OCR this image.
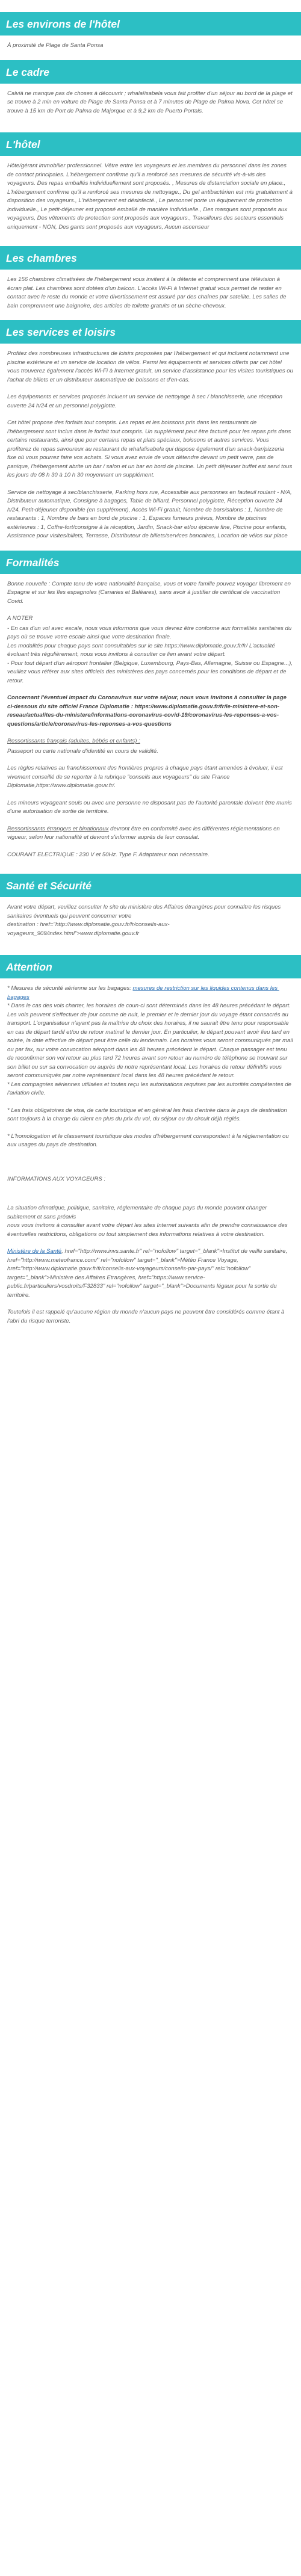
Les environs de l'hôtel

À proximité de Plage de Santa Ponsa

Le cadre

Calvià ne manque pas de choses à découvrir ; whala!isabela vous fait profiter d'un séjour au bord de la plage et se trouve à 2 min en voiture de Plage de Santa Ponsa et à 7 minutes de Plage de Palma Nova. Cet hôtel se trouve à 15 km de Port de Palma de Majorque et à 9,2 km de Puerto Portals.

L'hôtel

Hôte/gérant immobilier professionnel. Vêtre entre les voyageurs et les membres du personnel dans les zones de contact principales. L'hébergement confirme qu'il a renforcé ses mesures de sécurité vis-à-vis des voyageurs. Des repas emballés individuellement sont proposés. , Mesures de distanciation sociale en place., L'hébergement confirme qu'il a renforcé ses mesures de nettoyage., Du gel antibactérien est mis gratuitement à disposition des voyageurs., L'hébergement est désinfecté., Le personnel porte un équipement de protection individuelle., Le petit-déjeuner est proposé emballé de manière individuelle., Des masques sont proposés aux voyageurs, Des vêtements de protection sont proposés aux voyageurs., Travailleurs des secteurs essentiels uniquement - NON, Des gants sont proposés aux voyageurs, Aucun ascenseur

Les chambres

Les 156 chambres climatisées de l'hébergement vous invitent à la détente et comprennent une télévision à écran plat. Les chambres sont dotées d'un balcon. L'accès Wi-Fi à Internet gratuit vous permet de rester en contact avec le reste du monde et votre divertissement est assuré par des chaînes par satellite. Les salles de bain comprennent une baignoire, des articles de toilette gratuits et un sèche-cheveux.

Les services et loisirs

Profitez des nombreuses infrastructures de loisirs proposées par l'hébergement et qui incluent notamment une piscine extérieure et un service de location de vélos. Parmi les équipements et services offerts par cet hôtel vous trouverez également l'accès Wi-Fi à Internet gratuit, un service d'assistance pour les visites touristiques ou l'achat de billets et un distributeur automatique de boissons et d'en-cas.

Les équipements et services proposés incluent un service de nettoyage à sec / blanchisserie, une réception ouverte 24 h/24 et un personnel polyglotte.

Cet hôtel propose des forfaits tout compris. Les repas et les boissons pris dans les restaurants de l'hébergement sont inclus dans le forfait tout compris. Un supplément peut être facturé pour les repas pris dans certains restaurants, ainsi que pour certains repas et plats spéciaux, boissons et autres services. Vous profiterez de repas savoureux au restaurant de whala!isabela qui dispose également d'un snack-bar/pizzeria fixe où vous pourrez faire vos achats. Si vous avez envie de vous détendre devant un petit verre, pas de panique, l'hébergement abrite un bar / salon et un bar en bord de piscine. Un petit déjeuner buffet est servi tous les jours de 08 h 30 à 10 h 30 moyennant un supplément.

Service de nettoyage à sec/blanchisserie, Parking hors rue, Accessible aux personnes en fauteuil roulant - N/A, Distributeur automatique, Consigne à bagages, Table de billard, Personnel polyglotte, Réception ouverte 24 h/24, Petit-déjeuner disponible (en supplément), Accès Wi-Fi gratuit, Nombre de bars/salons : 1, Nombre de restaurants : 1, Nombre de bars en bord de piscine : 1, Espaces fumeurs prévus, Nombre de piscines extérieures : 1, Coffre-fort/consigne à la réception, Jardin, Snack-bar et/ou épicerie fine, Piscine pour enfants, Assistance pour visites/billets, Terrasse, Distributeur de billets/services bancaires, Location de vélos sur place

Formalités

Bonne nouvelle : Compte tenu de votre nationalité française, vous et votre famille pouvez voyager librement en Espagne et sur les îles espagnoles (Canaries et Baléares), sans avoir à justifier de certificat de vaccination Covid.

A NOTER

- En cas d'un vol avec escale, nous vous informons que vous devrez être conforme aux formalités sanitaires du pays où se trouve votre escale ainsi que votre destination finale.
Les modalités pour chaque pays sont consultables sur le site https://www.diplomatie.gouv.fr/fr/ L'actualité évoluant très régulièrement, nous vous invitons à consulter ce lien avant votre départ.
- Pour tout départ d'un aéroport frontalier (Belgique, Luxembourg, Pays-Bas, Allemagne, Suisse ou Espagne...), veuillez vous référer aux sites officiels des ministères des pays concernés pour les conditions de départ et de retour.

Concernant l'éventuel impact du Coronavirus sur votre séjour, nous vous invitons à consulter la page ci-dessous du site officiel France Diplomatie : https://www.diplomatie.gouv.fr/fr/le-ministere-et-son-reseau/actualites-du-ministere/informations-coronavirus-covid-19/coronavirus-les-reponses-a-vos-questions/article/coronavirus-les-reponses-a-vos-questions

Ressortissants français (adultes, bébés et enfants) :

Passeport ou carte nationale d'identité en cours de validité.

Les règles relatives au franchissement des frontières propres à chaque pays étant amenées à évoluer, il est vivement conseillé de se reporter à la rubrique "conseils aux voyageurs" du site France Diplomatie,https://www.diplomatie.gouv.fr/.

Les mineurs voyageant seuls ou avec une personne ne disposant pas de l'autorité parentale doivent être munis d'une autorisation de sortie de territoire.

Ressortissants étrangers et binationaux devront être en conformité avec les différentes réglementations en vigueur, selon leur nationalité et devront s'informer auprès de leur consulat.

COURANT ELECTRIQUE : 230 V et 50Hz. Type F. Adaptateur non nécessaire.

Santé et Sécurité

Avant votre départ, veuillez consulter le site du ministère des Affaires étrangères pour connaître les risques sanitaires éventuels qui peuvent concerner votre
destination : href="http://www.diplomatie.gouv.fr/fr/conseils-aux-voyageurs_909/index.html">www.diplomatie.gouv.fr

Attention

* Mesures de sécurité aérienne sur les bagages: mesures de restriction sur les liquides contenus dans les bagages
* Dans le cas des vols charter, les horaires de coun-ci sont déterminés dans les 48 heures précédant le départ. Les vols peuvent s'effectuer de jour comme de nuit, le premier et le dernier jour du voyage étant consacrés au transport. L'organisateur n'ayant pas la maîtrise du choix des horaires, il ne saurait être tenu pour responsable en cas de départ tardif et/ou de retour matinal le dernier jour. En particulier, le départ pouvant avoir lieu tard en soirée, la date effective de départ peut être celle du lendemain. Les horaires vous seront communiqués par mail ou par fax, sur votre convocation aéroport dans les 48 heures précédent le départ. Chaque passager est tenu de reconfirmer son vol retour au plus tard 72 heures avant son retour au numéro de téléphone se trouvant sur son billet ou sur sa convocation ou auprès de notre représentant local. Les horaires de retour définitifs vous seront communiqués par notre représentant local dans les 48 heures précédant le retour.
* Les compagnies aériennes utilisées et toutes reçu les autorisations requises par les autorités compétentes de l'aviation civile.

* Les frais obligatoires de visa, de carte touristique et en général les frais d'entrée dans le pays de destination sont toujours à la charge du client en plus du prix du vol, du séjour ou du circuit déjà réglés.

* L'homologation et le classement touristique des modes d'hébergement correspondent à la réglementation ou aux usages du pays de destination.

INFORMATIONS AUX VOYAGEURS :

La situation climatique, politique, sanitaire, réglementaire de chaque pays du monde pouvant changer subitement et sans préavis
nous vous invitons à consulter avant votre départ les sites Internet suivants afin de prendre connaissance des éventuelles restrictions, obligations ou tout simplement des informations relatives à votre destination.

Ministère de la Santé, href="http://www.invs.sante.fr" rel="nofollow" target="_blank">Institut de veille sanitaire, href="http://www.meteofrance.com/" rel="nofollow" target="_blank">Météo France Voyage, href="http://www.diplomatie.gouv.fr/fr/conseils-aux-voyageurs/conseils-par-pays/" rel="nofollow" target="_blank">Ministère des Affaires Etrangères, href="https://www.service-public.fr/particuliers/vosdroits/F32833" rel="nofollow" target="_blank">Documents légaux pour la sortie du territoire.

Toutefois il est rappelé qu'aucune région du monde n'aucun pays ne peuvent être considérés comme étant à l'abri du risque terroriste.
